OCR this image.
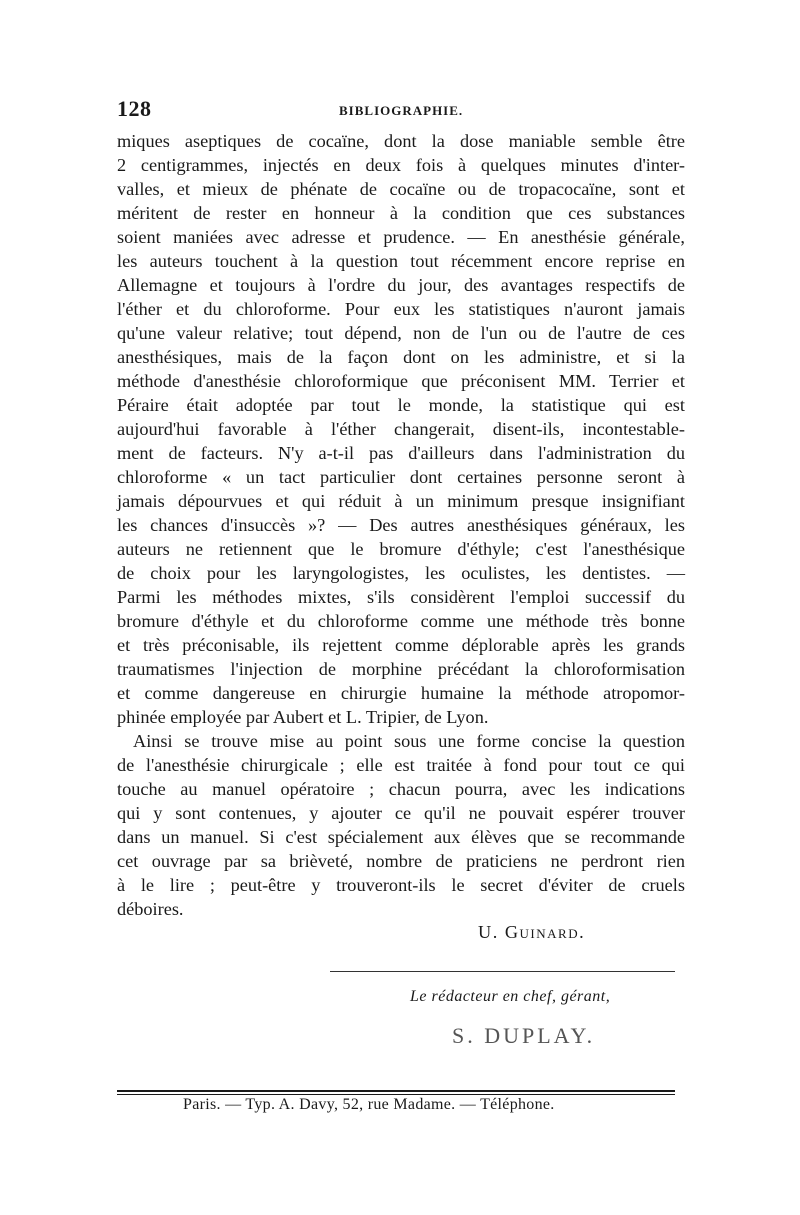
128	BIBLIOGRAPHIE.
miques aseptiques de cocaïne, dont la dose maniable semble être
2 centigrammes, injectés en deux fois à quelques minutes d'inter-
valles, et mieux de phénate de cocaïne ou de tropacocaïne, sont et
méritent de rester en honneur à la condition que ces substances
soient maniées avec adresse et prudence. — En anesthésie générale,
les auteurs touchent à la question tout récemment encore reprise en
Allemagne et toujours à l'ordre du jour, des avantages respectifs de
l'éther et du chloroforme. Pour eux les statistiques n'auront jamais
qu'une valeur relative; tout dépend, non de l'un ou de l'autre de ces
anesthésiques, mais de la façon dont on les administre, et si la
méthode d'anesthésie chloroformique que préconisent MM. Terrier et
Péraire était adoptée par tout le monde, la statistique qui est
aujourd'hui favorable à l'éther changerait, disent-ils, incontestable-
ment de facteurs. N'y a-t-il pas d'ailleurs dans l'administration du
chloroforme « un tact particulier dont certaines personne seront à
jamais dépourvues et qui réduit à un minimum presque insignifiant
les chances d'insuccès »? — Des autres anesthésiques généraux, les
auteurs ne retiennent que le bromure d'éthyle; c'est l'anesthésique
de choix pour les laryngologistes, les oculistes, les dentistes. —
Parmi les méthodes mixtes, s'ils considèrent l'emploi successif du
bromure d'éthyle et du chloroforme comme une méthode très bonne
et très préconisable, ils rejettent comme déplorable après les grands
traumatismes l'injection de morphine précédant la chloroformisation
et comme dangereuse en chirurgie humaine la méthode atropomor-
phinée employée par Aubert et L. Tripier, de Lyon.
Ainsi se trouve mise au point sous une forme concise la question
de l'anesthésie chirurgicale ; elle est traitée à fond pour tout ce qui
touche au manuel opératoire ; chacun pourra, avec les indications
qui y sont contenues, y ajouter ce qu'il ne pouvait espérer trouver
dans un manuel. Si c'est spécialement aux élèves que se recommande
cet ouvrage par sa brièveté, nombre de praticiens ne perdront rien
à le lire ; peut-être y trouveront-ils le secret d'éviter de cruels
déboires.
U. Guinard.
Le rédacteur en chef, gérant,
S. DUPLAY.
Paris. — Typ. A. Davy, 52, rue Madame. — Téléphone.
